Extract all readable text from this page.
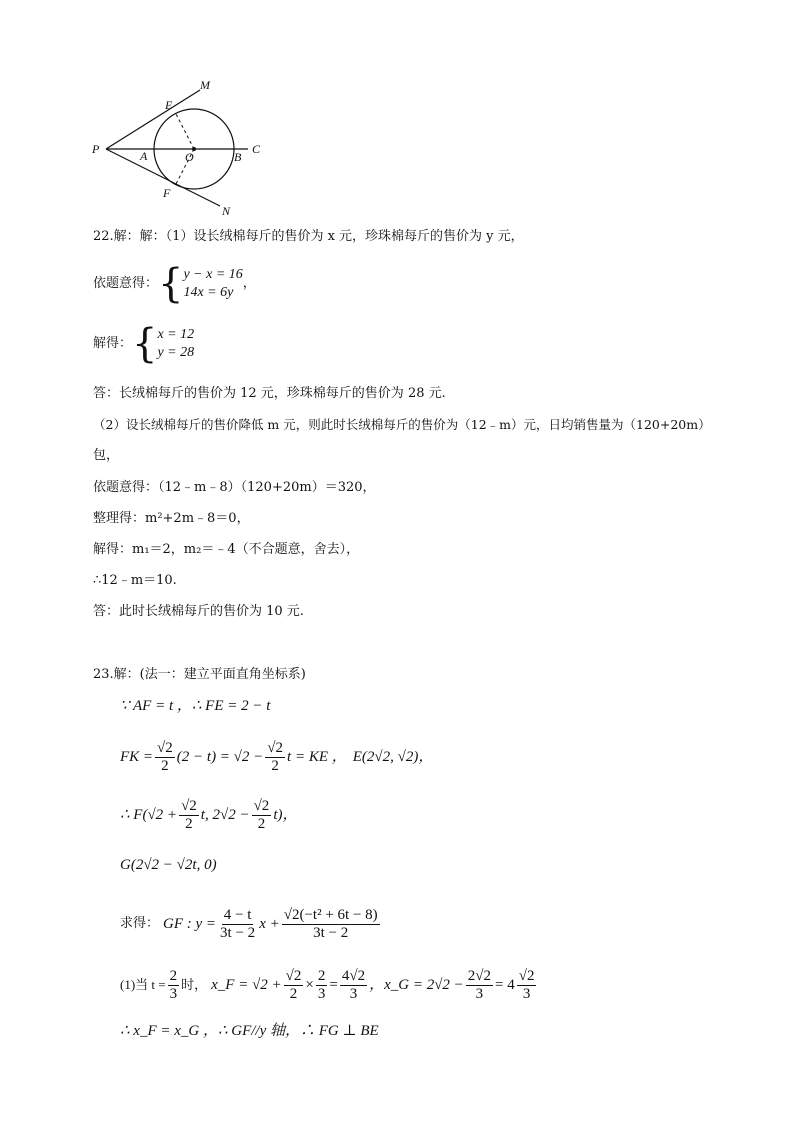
M
E
P	A	O	B
C
F
N
22.解：解：（1）设长绒棉每斤的售价为 x 元，珍珠棉每斤的售价为 y 元，
依题意得： { y − x = 16
14x = 6y
，
解得： { x = 12
y = 28
答：长绒棉每斤的售价为 12 元，珍珠棉每斤的售价为 28 元.
（2）设长绒棉每斤的售价降低 m 元，则此时长绒棉每斤的售价为（12﹣m）元，日均销售量为（120+20m）
包，
依题意得：（12﹣m﹣8）（120+20m）＝320，
整理得：m²+2m﹣8＝0，
解得：m₁＝2，m₂＝﹣4（不合题意，舍去），
∴12﹣m＝10.
答：此时长绒棉每斤的售价为 10 元.
23.解：(法一：建立平面直角坐标系)
∵ AF = t ，∴ FE = 2 − t
FK = $\frac{√2}{2} (2 - t) = √2 - \frac{√2}{2}$ t = KE ， E(2√2, √2)，
∴ $F(√2 + \frac{√2}{2} t$, $2√2 - \frac{√2}{2} t$)，
G(2√2 − √2t, 0)
求得： GF : $y = \frac{4 - t}{3t - 2}$ $x + \frac{\text{√2(−t² + 6t − 8)}}{3t - 2}$
(1)当 $t = \frac{2}{3}$ 时， x_F = $√2 + \frac{√2}{2} \times \frac{2}{3} = \frac{4√2}{3}$ ，x_G = $2√2 - \frac{2√2}{3} = 4 \frac{√2}{3}$
∴ x_F = x_G ，∴ GF//y 轴，∴ FG ⊥ BE
